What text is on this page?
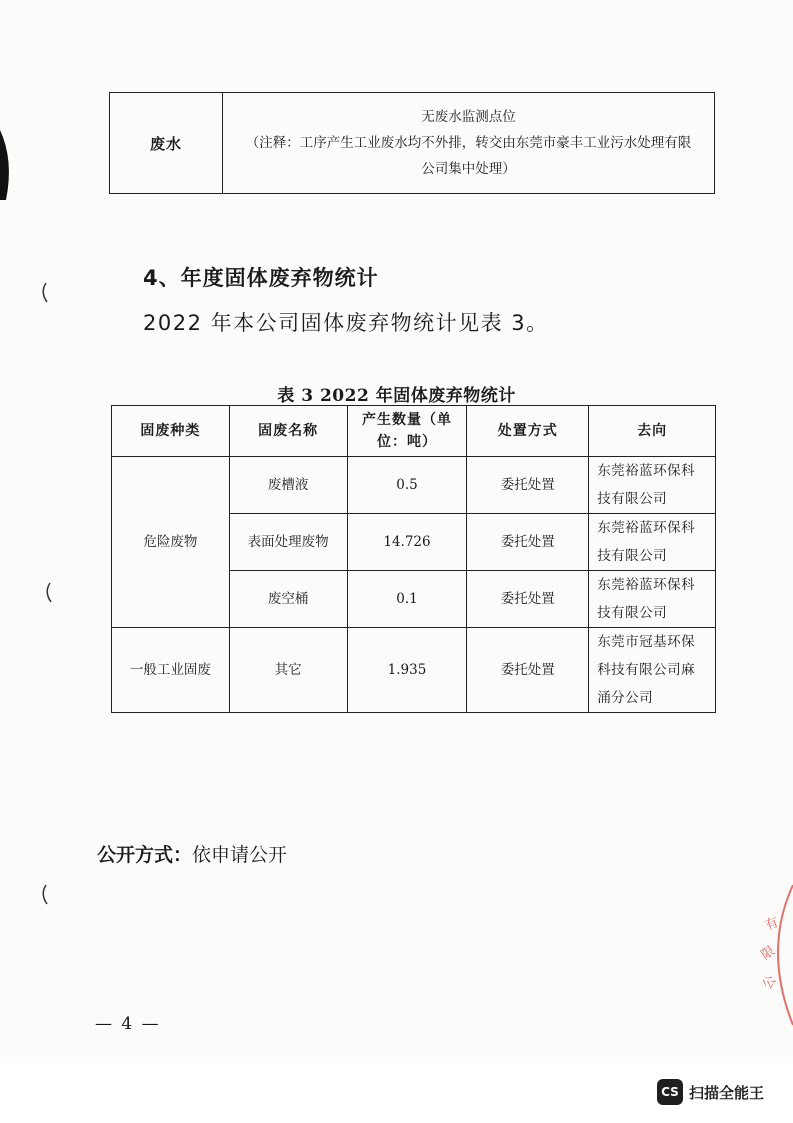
废水
无废水监测点位
（注释：工序产生工业废水均不外排，转交由东莞市豪丰工业污水处理有限
公司集中处理）
4、年度固体废弃物统计
2022 年本公司固体废弃物统计见表 3。
表 3 2022 年固体废弃物统计
固废种类	固废名称	产生数量（单
位：吨）	处置方式	去向
危险废物	废槽液	0.5	委托处置	东莞裕蓝环保科
技有限公司

	表面处理废物	14.726	委托处置	东莞裕蓝环保科
技有限公司

	废空桶	0.1	委托处置	东莞裕蓝环保科
技有限公司

一般工业固废	其它	1.935	委托处置	东莞市冠基环保
科技有限公司麻
涌分公司
公开方式：依申请公开
— 4 —
有
限
公
CS 扫描全能王
